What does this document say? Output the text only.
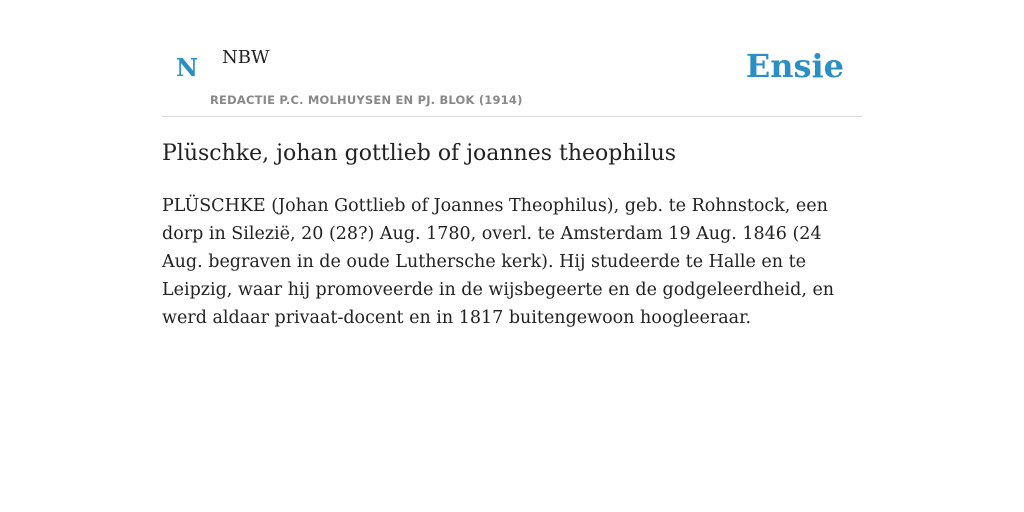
N NBW
REDACTIE P.C. MOLHUYSEN EN PJ. BLOK (1914)
Ensie
Plüschke, johan gottlieb of joannes theophilus

PLÜSCHKE (Johan Gottlieb of Joannes Theophilus), geb. te Rohnstock, een dorp in Silezië, 20 (28?) Aug. 1780, overl. te Amsterdam 19 Aug. 1846 (24 Aug. begraven in de oude Luthersche kerk). Hij studeerde te Halle en te Leipzig, waar hij promoveerde in de wijsbegeerte en de godgeleerdheid, en werd aldaar privaat-docent en in 1817 buitengewoon hoogleeraar.
